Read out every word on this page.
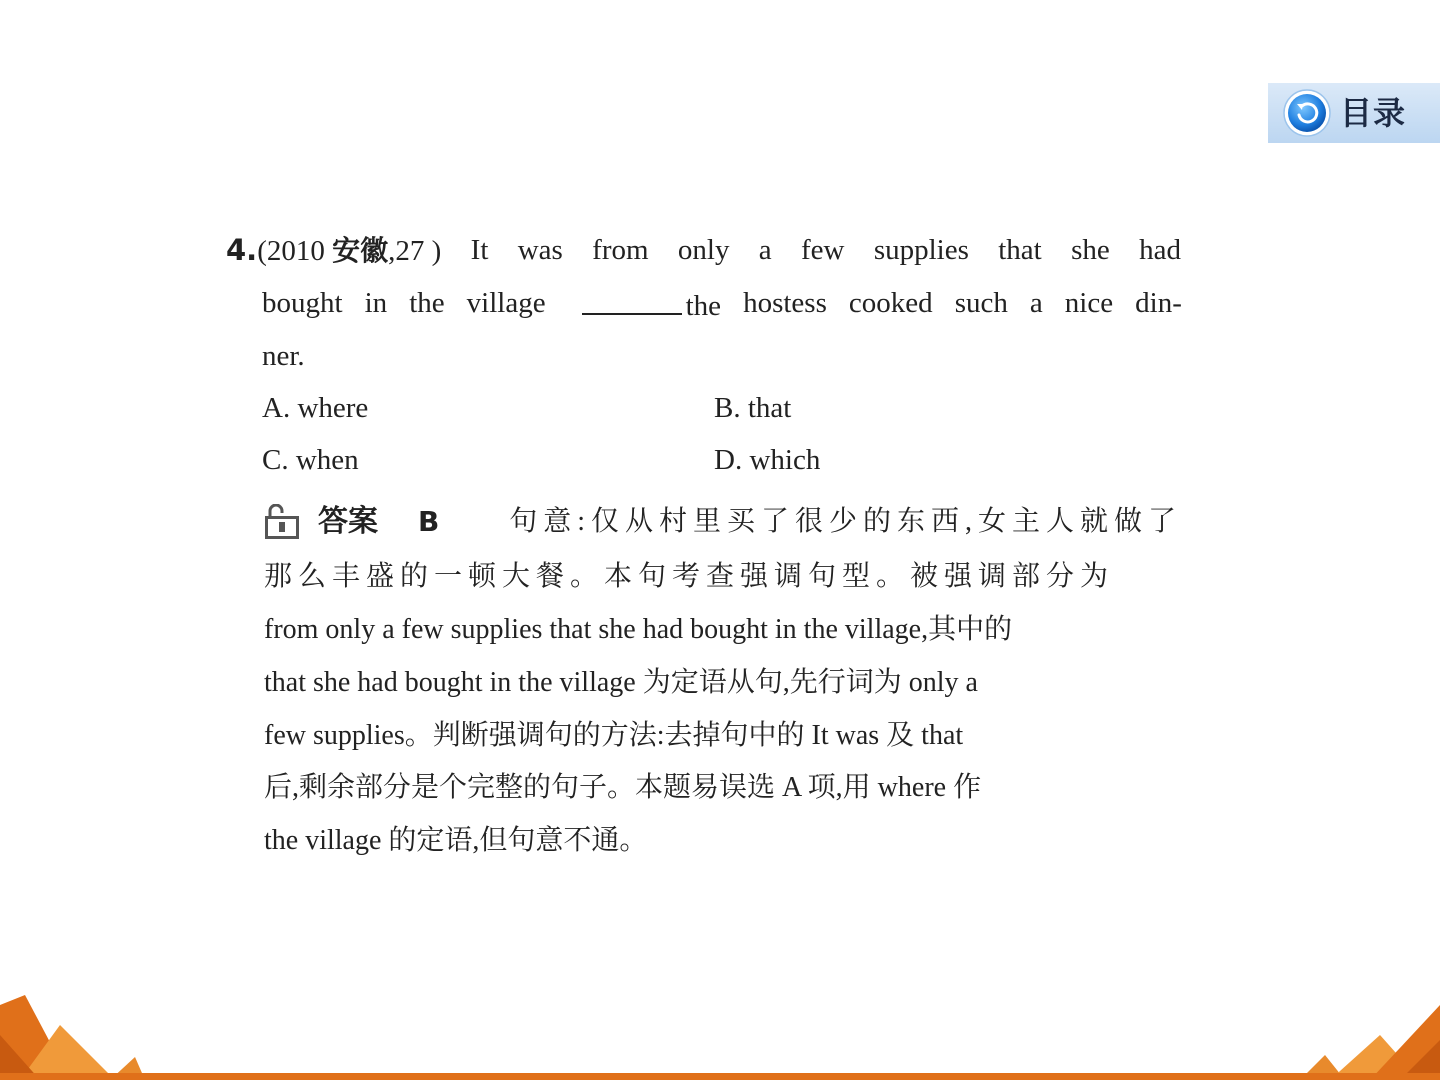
目录
4.(2010 安徽,27 ) It was from only a few supplies that she had
bought in the village	the hostess cooked such a nice din-
ner.
A. where	B. that
C. when	D. which
答案 B 句意:仅从村里买了很少的东西,女主人就做了
那么丰盛的一顿大餐。本句考查强调句型。被强调部分为
from only a few supplies that she had bought in the village,其中的
that she had bought in the village 为定语从句,先行词为 only a
few supplies。判断强调句的方法:去掉句中的 It was 及 that
后,剩余部分是个完整的句子。本题易误选 A 项,用 where 作
the village 的定语,但句意不通。
